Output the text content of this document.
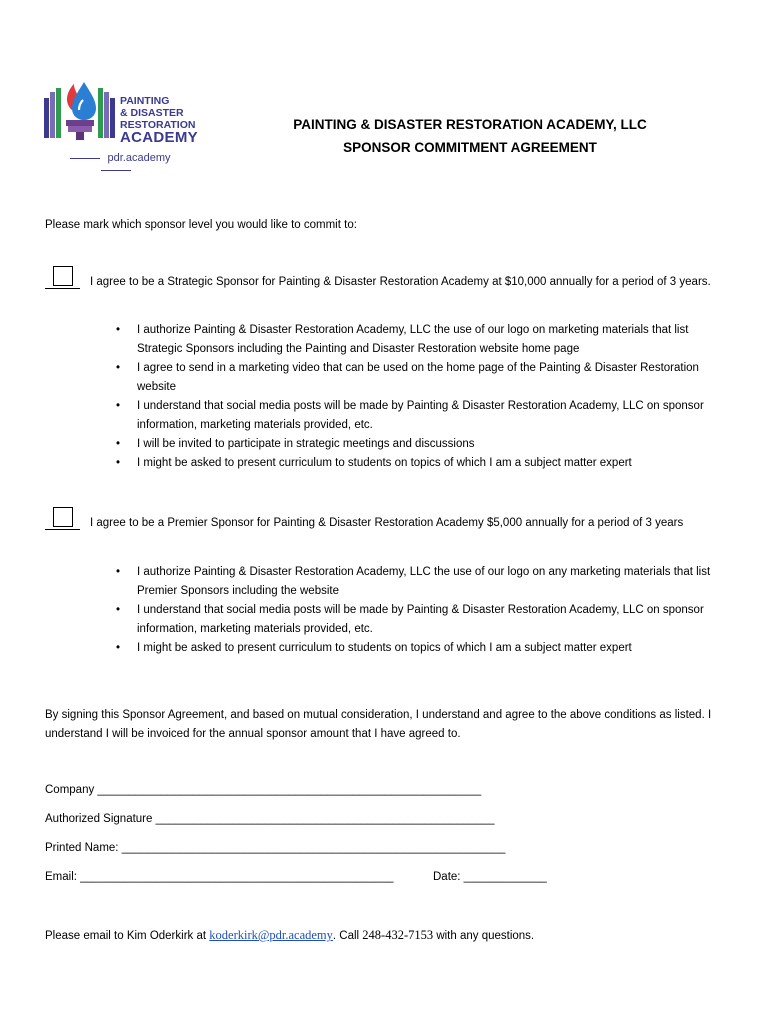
PAINTING
& DISASTER
RESTORATION
ACADEMY
pdr.academy
PAINTING & DISASTER RESTORATION ACADEMY, LLC
SPONSOR COMMITMENT AGREEMENT
Please mark which sponsor level you would like to commit to:
I agree to be a Strategic Sponsor for Painting & Disaster Restoration Academy at $10,000 annually for a period of 3 years.
• I authorize Painting & Disaster Restoration Academy, LLC the use of our logo on marketing materials that list Strategic Sponsors including the Painting and Disaster Restoration website home page
• I agree to send in a marketing video that can be used on the home page of the Painting & Disaster Restoration website
• I understand that social media posts will be made by Painting & Disaster Restoration Academy, LLC on sponsor information, marketing materials provided, etc.
• I will be invited to participate in strategic meetings and discussions
• I might be asked to present curriculum to students on topics of which I am a subject matter expert
I agree to be a Premier Sponsor for Painting & Disaster Restoration Academy $5,000 annually for a period of 3 years
• I authorize Painting & Disaster Restoration Academy, LLC the use of our logo on any marketing materials that list Premier Sponsors including the website
• I understand that social media posts will be made by Painting & Disaster Restoration Academy, LLC on sponsor information, marketing materials provided, etc.
• I might be asked to present curriculum to students on topics of which I am a subject matter expert
By signing this Sponsor Agreement, and based on mutual consideration, I understand and agree to the above conditions as listed. I understand I will be invoiced for the annual sponsor amount that I have agreed to.
Company ____________________________________________________________
Authorized Signature _____________________________________________________
Printed Name: ____________________________________________________________
Email: _________________________________________________	Date: _____________
Please email to Kim Oderkirk at koderkirk@pdr.academy. Call 248-432-7153 with any questions.
